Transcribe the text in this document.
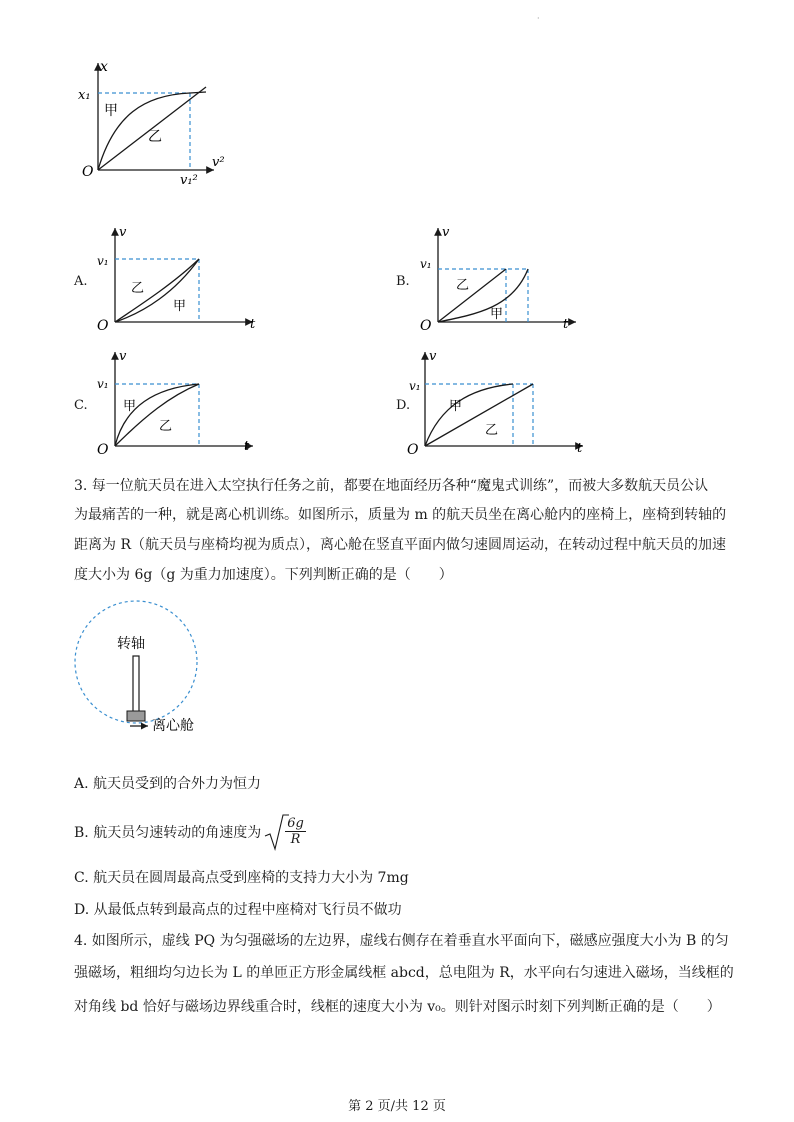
·
x
v²
O
x₁
v₁²
甲
乙
A.
v
t
O
v₁
乙
甲
B.
v
t
O
v₁
乙
甲
C.
v
t
O
v₁
甲
乙
D.
v
t
O
v₁
甲
乙
3. 每一位航天员在进入太空执行任务之前，都要在地面经历各种“魔鬼式训练”，而被大多数航天员公认
为最痛苦的一种，就是离心机训练。如图所示，质量为 m 的航天员坐在离心舱内的座椅上，座椅到转轴的
距离为 R（航天员与座椅均视为质点），离心舱在竖直平面内做匀速圆周运动，在转动过程中航天员的加速
度大小为 6g（g 为重力加速度）。下列判断正确的是（　　）
转轴
离心舱
A. 航天员受到的合外力为恒力
B. 航天员匀速转动的角速度为 $\frac{6g}{R}$
C. 航天员在圆周最高点受到座椅的支持力大小为 7mg
D. 从最低点转到最高点的过程中座椅对飞行员不做功
4. 如图所示，虚线 PQ 为匀强磁场的左边界，虚线右侧存在着垂直水平面向下，磁感应强度大小为 B 的匀
强磁场，粗细均匀边长为 L 的单匝正方形金属线框 abcd，总电阻为 R，水平向右匀速进入磁场，当线框的
对角线 bd 恰好与磁场边界线重合时，线框的速度大小为 v₀。则针对图示时刻下列判断正确的是（　　）
第 2 页/共 12 页
